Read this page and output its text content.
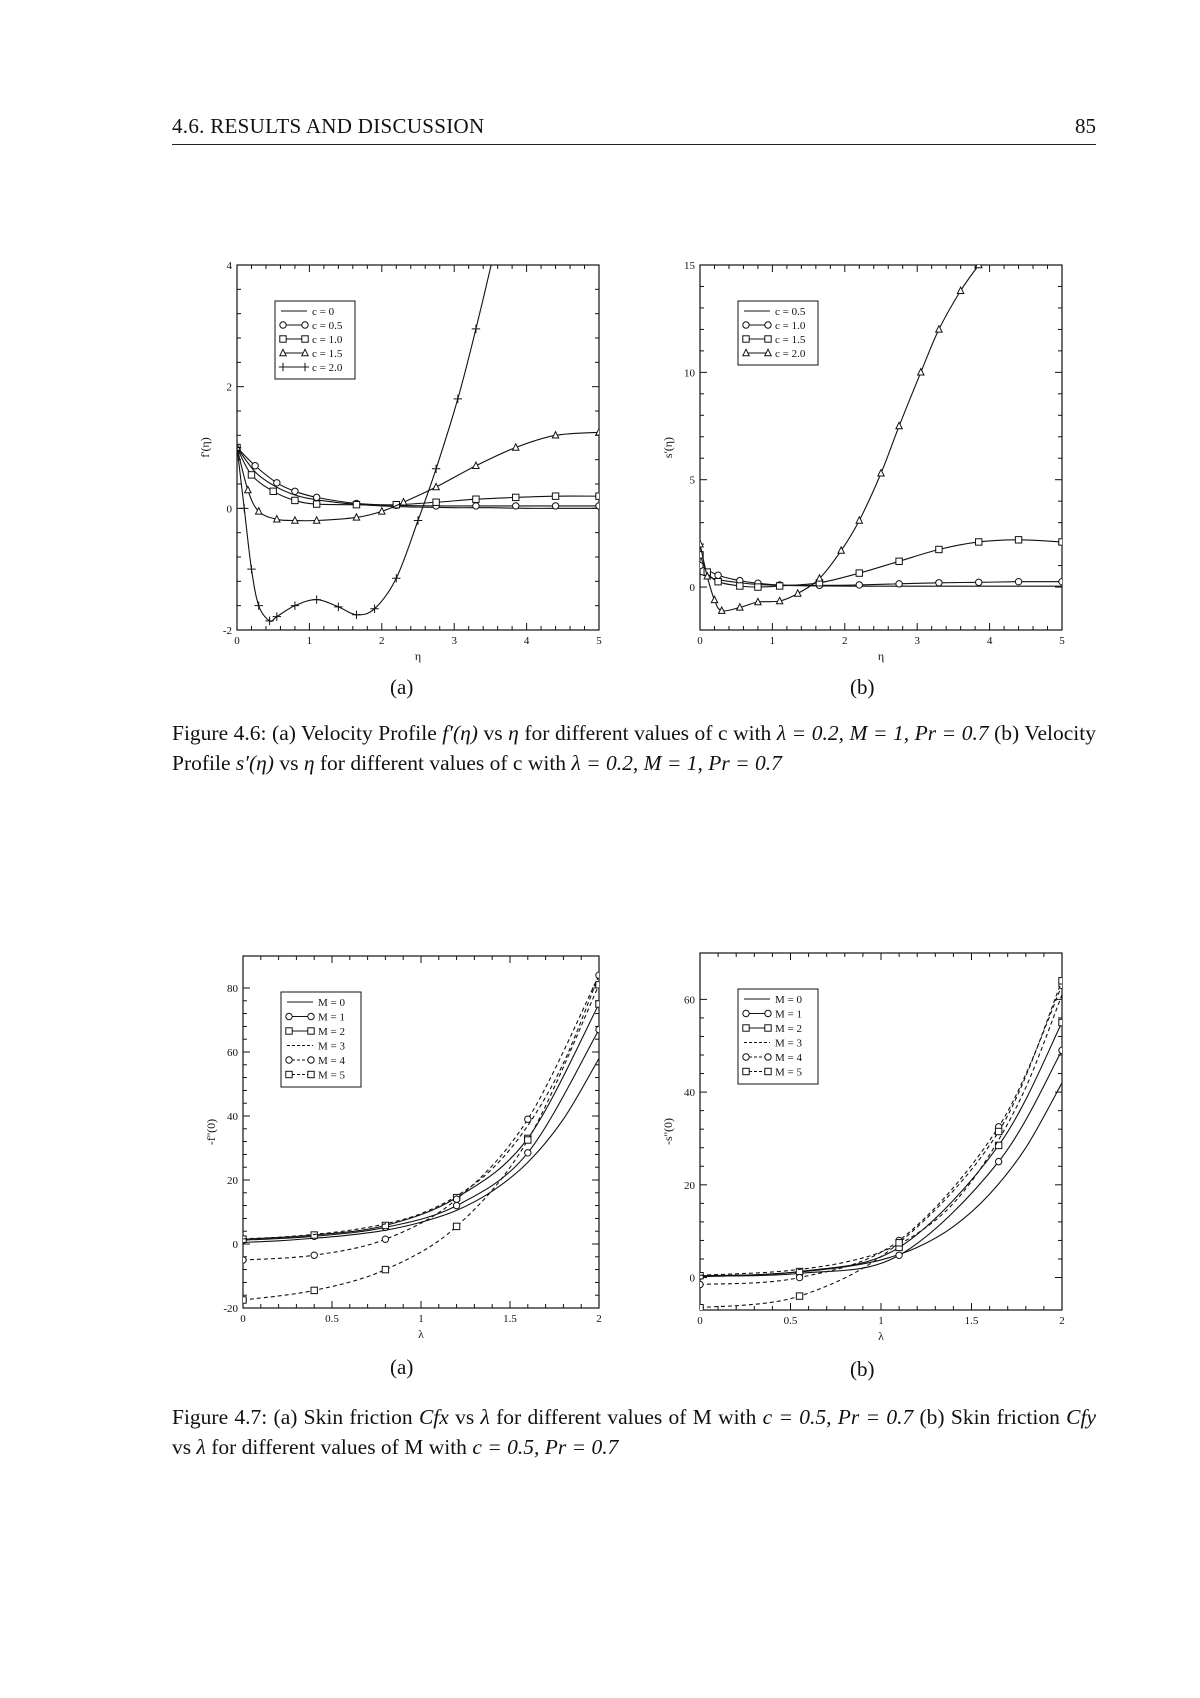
4.6. RESULTS AND DISCUSSION	85
0	1	2	3	4	5
-2
0
2
4
η
f'(η)
c = 0
c = 0.5
c = 1.0
c = 1.5
c = 2.0
0	1	2	3	4	5
0
5
10
15
η
s'(η)
c = 0.5
c = 1.0
c = 1.5
c = 2.0
(a)	(b)
Figure 4.6: (a) Velocity Profile f′(η) vs η for different values of c with λ = 0.2, M = 1, Pr = 0.7 (b) Velocity Profile s′(η) vs η for different values of c with λ = 0.2, M = 1, Pr = 0.7
0	0.5	1	1.5	2
-20
0
20
40
60
80
λ
-f''(0)
M = 0
M = 1
M = 2
M = 3
M = 4
M = 5
0	0.5	1	1.5	2
0
20
40
60
λ
-s''(0)
M = 0
M = 1
M = 2
M = 3
M = 4
M = 5
(a)	(b)
Figure 4.7: (a) Skin friction Cfx vs λ for different values of M with c = 0.5, Pr = 0.7 (b) Skin friction Cfy vs λ for different values of M with c = 0.5, Pr = 0.7
